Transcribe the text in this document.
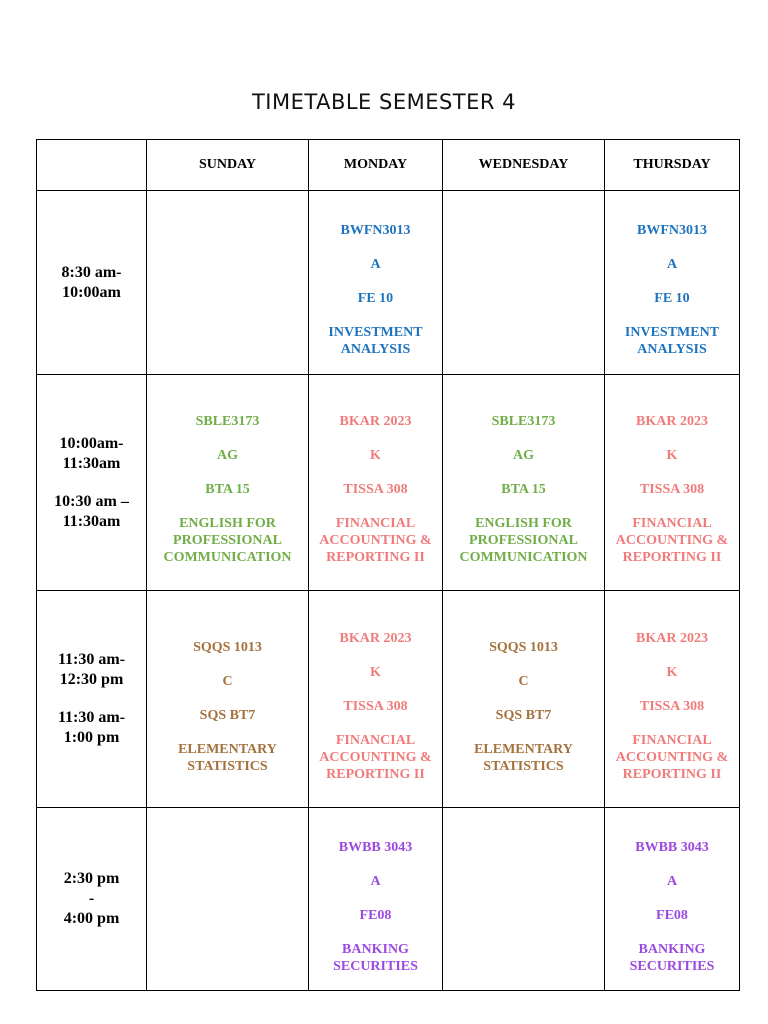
TIMETABLE SEMESTER 4
	SUNDAY	MONDAY	WEDNESDAY	THURSDAY

8:30 am-
10:00am		BWFN3013
A
FE 10
INVESTMENT ANALYSIS		BWFN3013
A
FE 10
INVESTMENT ANALYSIS

10:00am-
11:30am
10:30 am –
11:30am	SBLE3173
AG
BTA 15
ENGLISH FOR PROFESSIONAL COMMUNICATION	BKAR 2023
K
TISSA 308
FINANCIAL ACCOUNTING & REPORTING II	SBLE3173
AG
BTA 15
ENGLISH FOR PROFESSIONAL COMMUNICATION	BKAR 2023
K
TISSA 308
FINANCIAL ACCOUNTING & REPORTING II

11:30 am-
12:30 pm
11:30 am-
1:00 pm	SQQS 1013
C
SQS BT7
ELEMENTARY STATISTICS	BKAR 2023
K
TISSA 308
FINANCIAL ACCOUNTING & REPORTING II	SQQS 1013
C
SQS BT7
ELEMENTARY STATISTICS	BKAR 2023
K
TISSA 308
FINANCIAL ACCOUNTING & REPORTING II

2:30 pm
-
4:00 pm		BWBB 3043
A
FE08
BANKING SECURITIES		BWBB 3043
A
FE08
BANKING SECURITIES
